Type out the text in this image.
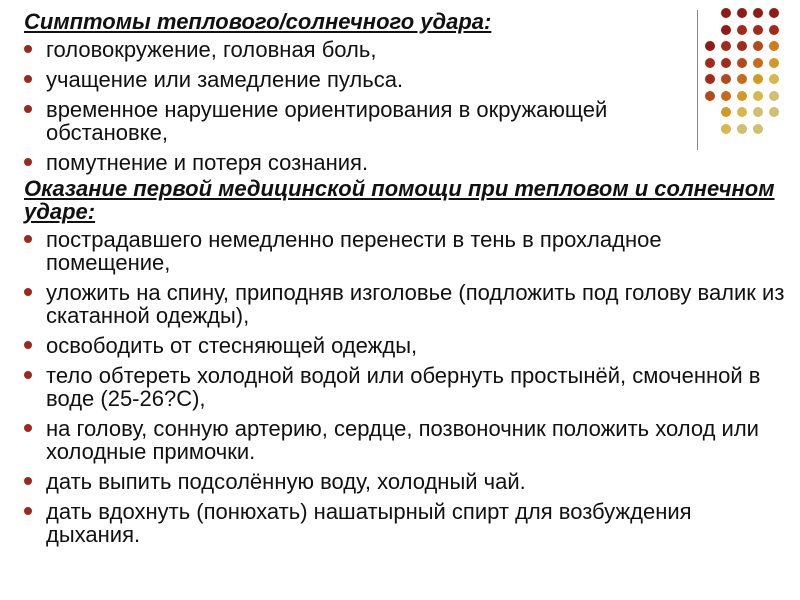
Симптомы теплового/солнечного удара:

головокружение, головная боль,
учащение или замедление пульса.
временное нарушение ориентирования в окружающей обстановке,
помутнение и потеря сознания.

Оказание первой медицинской помощи при тепловом и солнечном ударе:

пострадавшего немедленно перенести в тень в прохладное помещение,
уложить на спину, приподняв изголовье (подложить под голову валик из скатанной одежды),
освободить от стесняющей одежды,
тело обтереть холодной водой или обернуть простынёй, смоченной в воде (25-26?С),
на голову, сонную артерию, сердце, позвоночник положить холод или холодные примочки.
дать выпить подсолённую воду, холодный чай.
дать вдохнуть (понюхать) нашатырный спирт для возбуждения дыхания.
